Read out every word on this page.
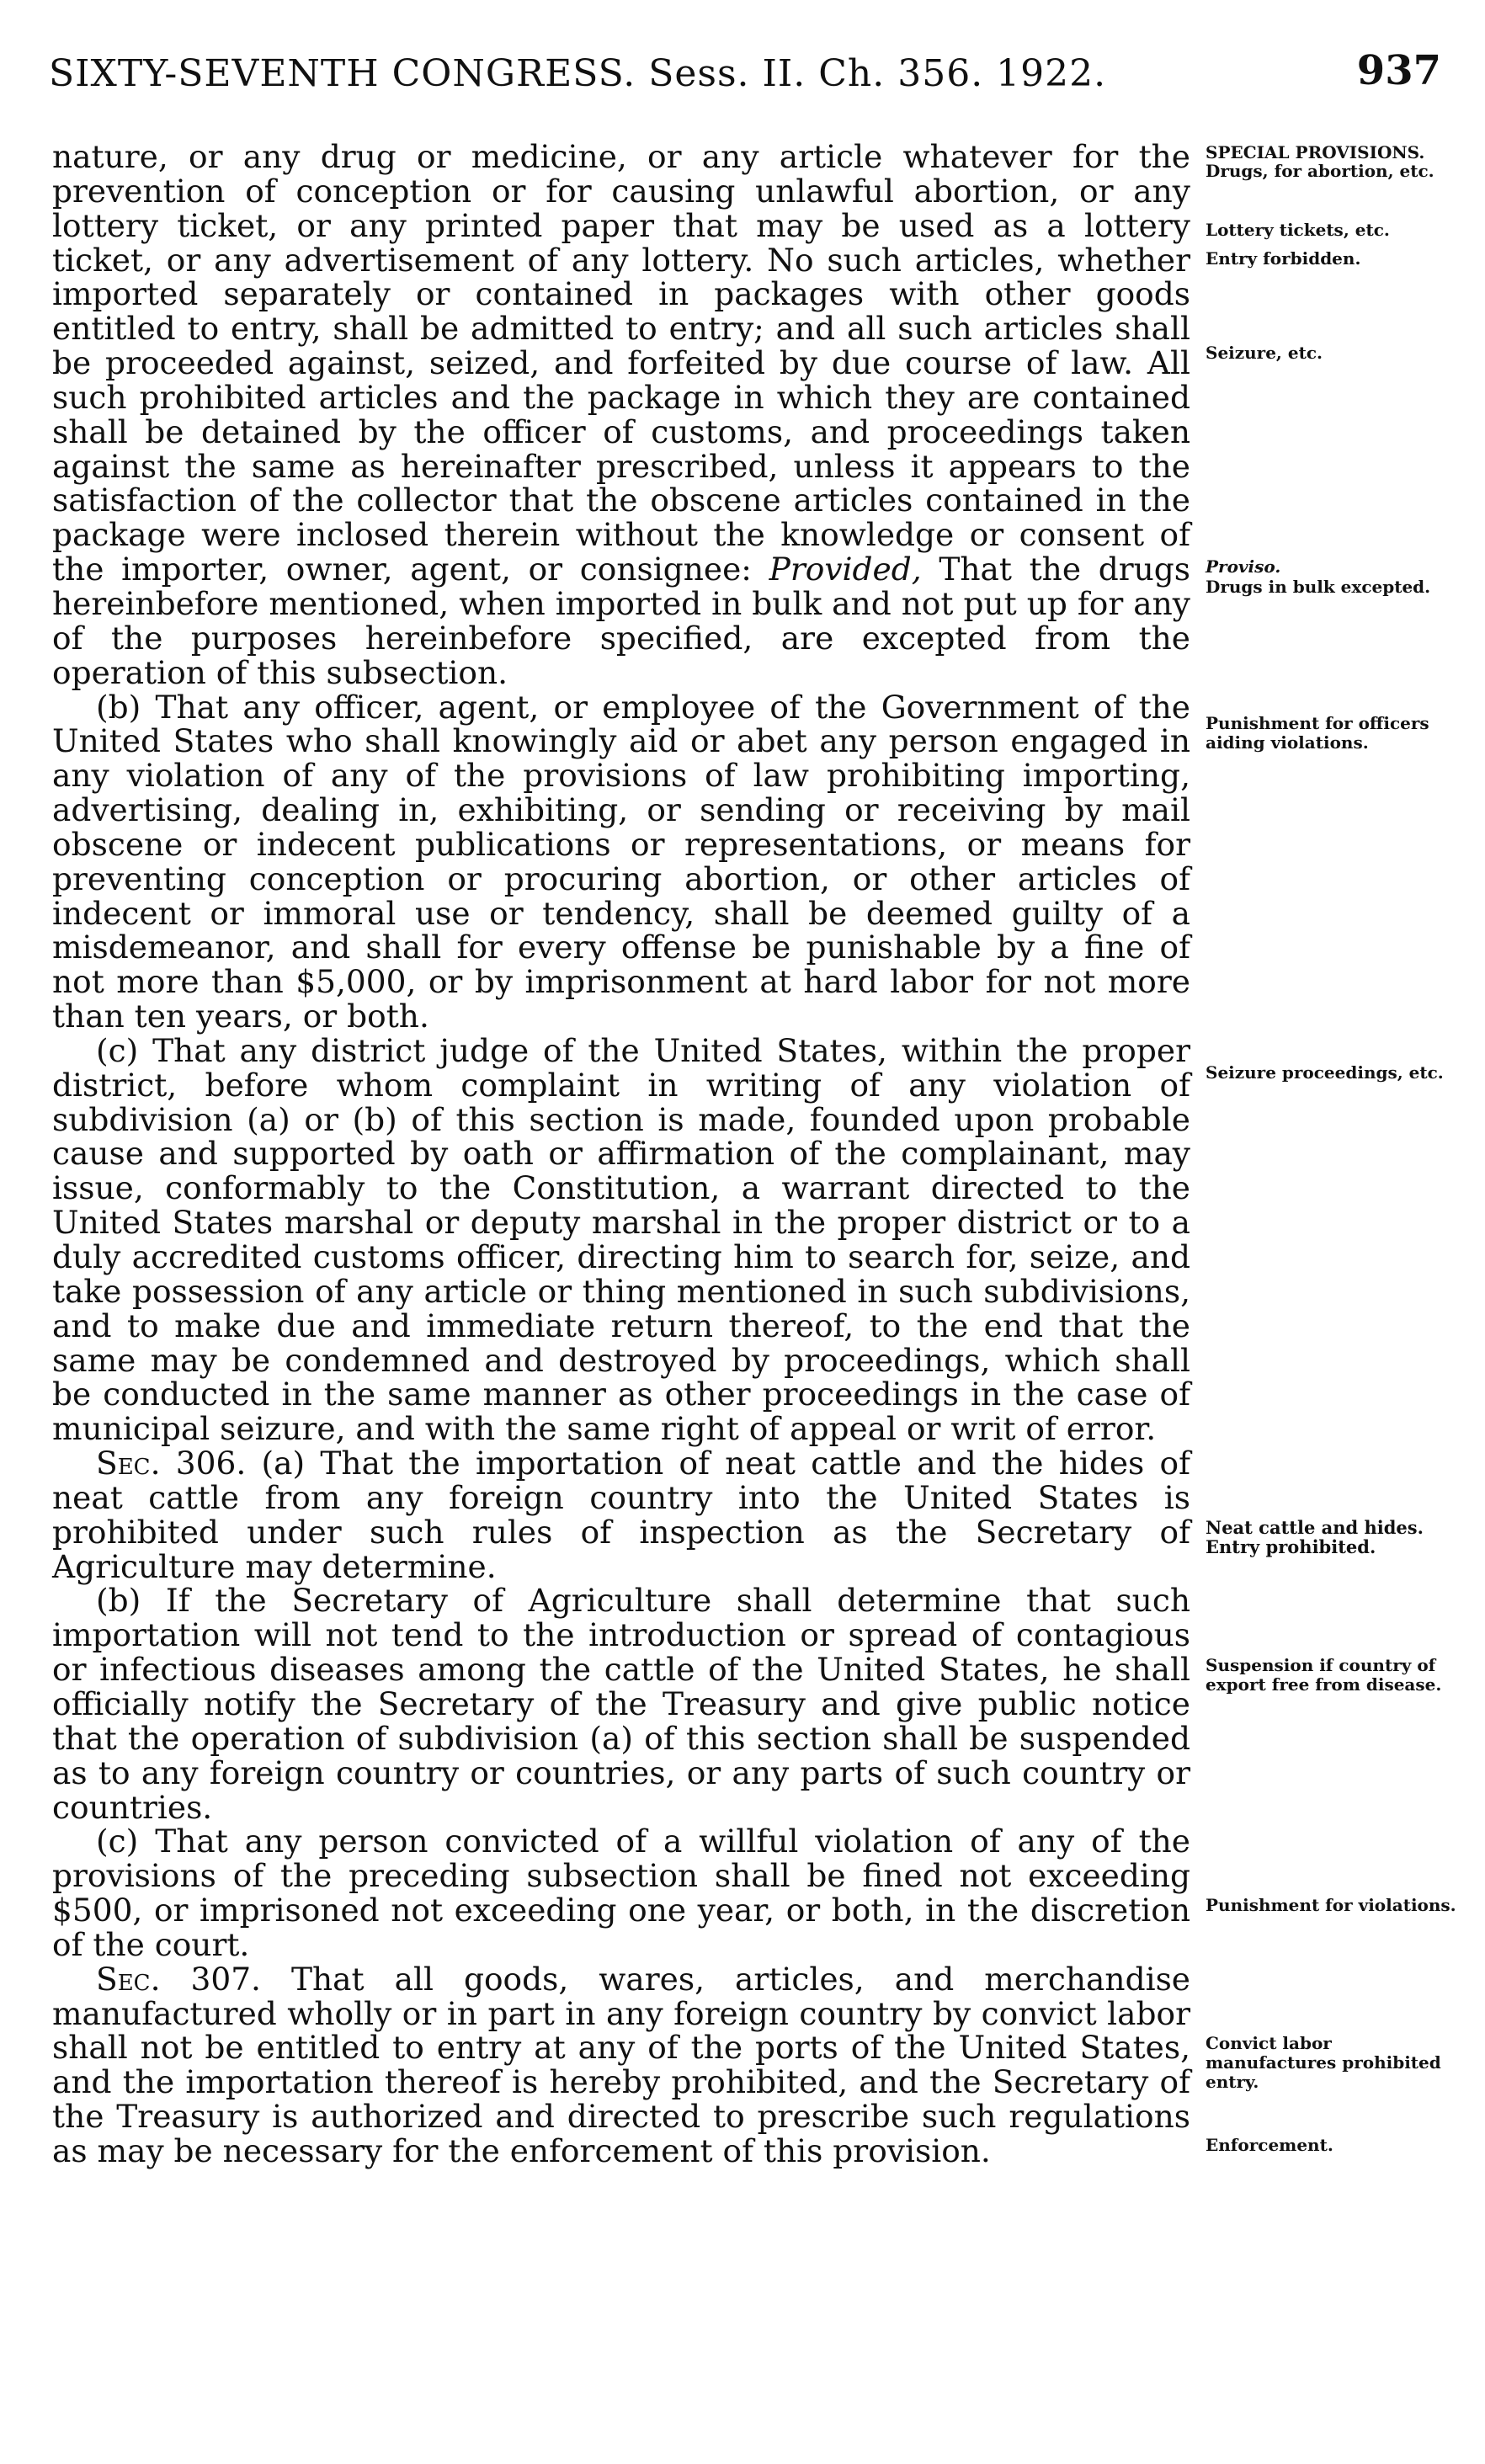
SIXTY-SEVENTH CONGRESS. Sess. II. Ch. 356. 1922.	937

nature, or any drug or medicine, or any article whatever for the prevention of conception or for causing unlawful abortion, or any lottery ticket, or any printed paper that may be used as a lottery ticket, or any advertisement of any lottery. No such articles, whether imported separately or contained in packages with other goods entitled to entry, shall be admitted to entry; and all such articles shall be proceeded against, seized, and forfeited by due course of law. All such prohibited articles and the package in which they are contained shall be detained by the officer of customs, and proceedings taken against the same as hereinafter prescribed, unless it appears to the satisfaction of the collector that the obscene articles contained in the package were inclosed therein without the knowledge or consent of the importer, owner, agent, or consignee: Provided, That the drugs hereinbefore mentioned, when imported in bulk and not put up for any of the purposes hereinbefore specified, are excepted from the operation of this subsection.

(b) That any officer, agent, or employee of the Government of the United States who shall knowingly aid or abet any person engaged in any violation of any of the provisions of law prohibiting importing, advertising, dealing in, exhibiting, or sending or receiving by mail obscene or indecent publications or representations, or means for preventing conception or procuring abortion, or other articles of indecent or immoral use or tendency, shall be deemed guilty of a misdemeanor, and shall for every offense be punishable by a fine of not more than $5,000, or by imprisonment at hard labor for not more than ten years, or both.

(c) That any district judge of the United States, within the proper district, before whom complaint in writing of any violation of subdivision (a) or (b) of this section is made, founded upon probable cause and supported by oath or affirmation of the complainant, may issue, conformably to the Constitution, a warrant directed to the United States marshal or deputy marshal in the proper district or to a duly accredited customs officer, directing him to search for, seize, and take possession of any article or thing mentioned in such subdivisions, and to make due and immediate return thereof, to the end that the same may be condemned and destroyed by proceedings, which shall be conducted in the same manner as other proceedings in the case of municipal seizure, and with the same right of appeal or writ of error.

Sec. 306. (a) That the importation of neat cattle and the hides of neat cattle from any foreign country into the United States is prohibited under such rules of inspection as the Secretary of Agriculture may determine.

(b) If the Secretary of Agriculture shall determine that such importation will not tend to the introduction or spread of contagious or infectious diseases among the cattle of the United States, he shall officially notify the Secretary of the Treasury and give public notice that the operation of subdivision (a) of this section shall be suspended as to any foreign country or countries, or any parts of such country or countries.

(c) That any person convicted of a willful violation of any of the provisions of the preceding subsection shall be fined not exceeding $500, or imprisoned not exceeding one year, or both, in the discretion of the court.

Sec. 307. That all goods, wares, articles, and merchandise manufactured wholly or in part in any foreign country by convict labor shall not be entitled to entry at any of the ports of the United States, and the importation thereof is hereby prohibited, and the Secretary of the Treasury is authorized and directed to prescribe such regulations as may be necessary for the enforcement of this provision.

SPECIAL PROVISIONS.
Drugs, for abortion, etc.
Lottery tickets, etc.
Entry forbidden.
Seizure, etc.
Proviso.
Drugs in bulk excepted.
Punishment for officers aiding violations.
Seizure proceedings, etc.
Neat cattle and hides.
Entry prohibited.
Suspension if country of export free from disease.
Punishment for violations.
Convict labor manufactures prohibited entry.
Enforcement.
